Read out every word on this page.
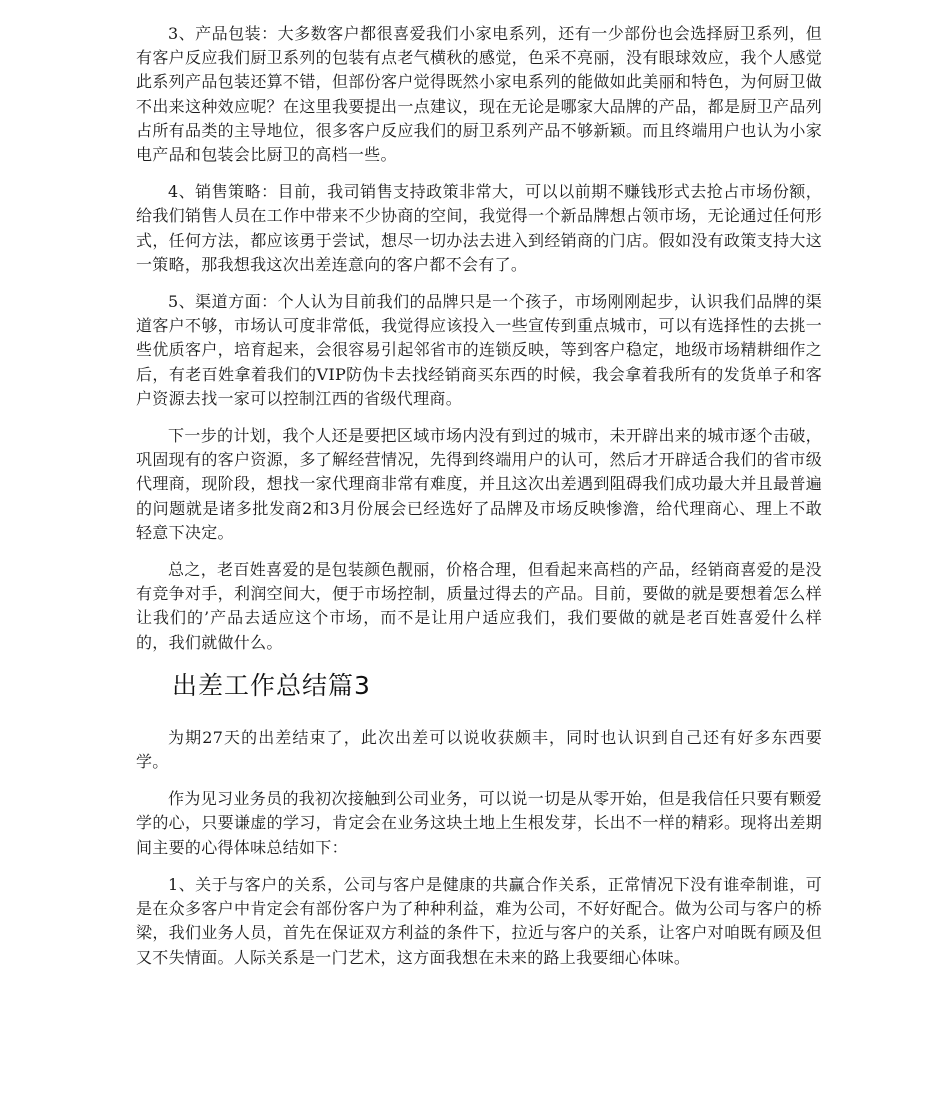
3、产品包装：大多数客户都很喜爱我们小家电系列，还有一少部份也会选择厨卫系列，但有客户反应我们厨卫系列的包装有点老气横秋的感觉，色采不亮丽，没有眼球效应，我个人感觉此系列产品包装还算不错，但部份客户觉得既然小家电系列的能做如此美丽和特色，为何厨卫做不出来这种效应呢？在这里我要提出一点建议，现在无论是哪家大品牌的产品，都是厨卫产品列占所有品类的主导地位，很多客户反应我们的厨卫系列产品不够新颖。而且终端用户也认为小家电产品和包装会比厨卫的高档一些。

4、销售策略：目前，我司销售支持政策非常大，可以以前期不赚钱形式去抢占市场份额，给我们销售人员在工作中带来不少协商的空间，我觉得一个新品牌想占领市场，无论通过任何形式，任何方法，都应该勇于尝试，想尽一切办法去进入到经销商的门店。假如没有政策支持大这一策略，那我想我这次出差连意向的客户都不会有了。

5、渠道方面：个人认为目前我们的品牌只是一个孩子，市场刚刚起步，认识我们品牌的渠道客户不够，市场认可度非常低，我觉得应该投入一些宣传到重点城市，可以有选择性的去挑一些优质客户，培育起来，会很容易引起邻省市的连锁反映，等到客户稳定，地级市场精耕细作之后，有老百姓拿着我们的VIP防伪卡去找经销商买东西的时候，我会拿着我所有的发货单子和客户资源去找一家可以控制江西的省级代理商。

下一步的计划，我个人还是要把区域市场内没有到过的城市，未开辟出来的城市逐个击破，巩固现有的客户资源，多了解经营情况，先得到终端用户的认可，然后才开辟适合我们的省市级代理商，现阶段，想找一家代理商非常有难度，并且这次出差遇到阻碍我们成功最大并且最普遍的问题就是诸多批发商2和3月份展会已经选好了品牌及市场反映惨澹，给代理商心、理上不敢轻意下决定。

总之，老百姓喜爱的是包装颜色靓丽，价格合理，但看起来高档的产品，经销商喜爱的是没有竞争对手，利润空间大，便于市场控制，质量过得去的产品。目前，要做的就是要想着怎么样让我们的’产品去适应这个市场，而不是让用户适应我们，我们要做的就是老百姓喜爱什么样的，我们就做什么。

出差工作总结篇3

为期27天的出差结束了，此次出差可以说收获颇丰，同时也认识到自己还有好多东西要学。

作为见习业务员的我初次接触到公司业务，可以说一切是从零开始，但是我信任只要有颗爱学的心，只要谦虚的学习，肯定会在业务这块土地上生根发芽，长出不一样的精彩。现将出差期间主要的心得体味总结如下：

1、关于与客户的关系，公司与客户是健康的共赢合作关系，正常情况下没有谁牵制谁，可是在众多客户中肯定会有部份客户为了种种利益，难为公司，不好好配合。做为公司与客户的桥梁，我们业务人员，首先在保证双方利益的条件下，拉近与客户的关系，让客户对咱既有顾及但又不失情面。人际关系是一门艺术，这方面我想在未来的路上我要细心体味。
